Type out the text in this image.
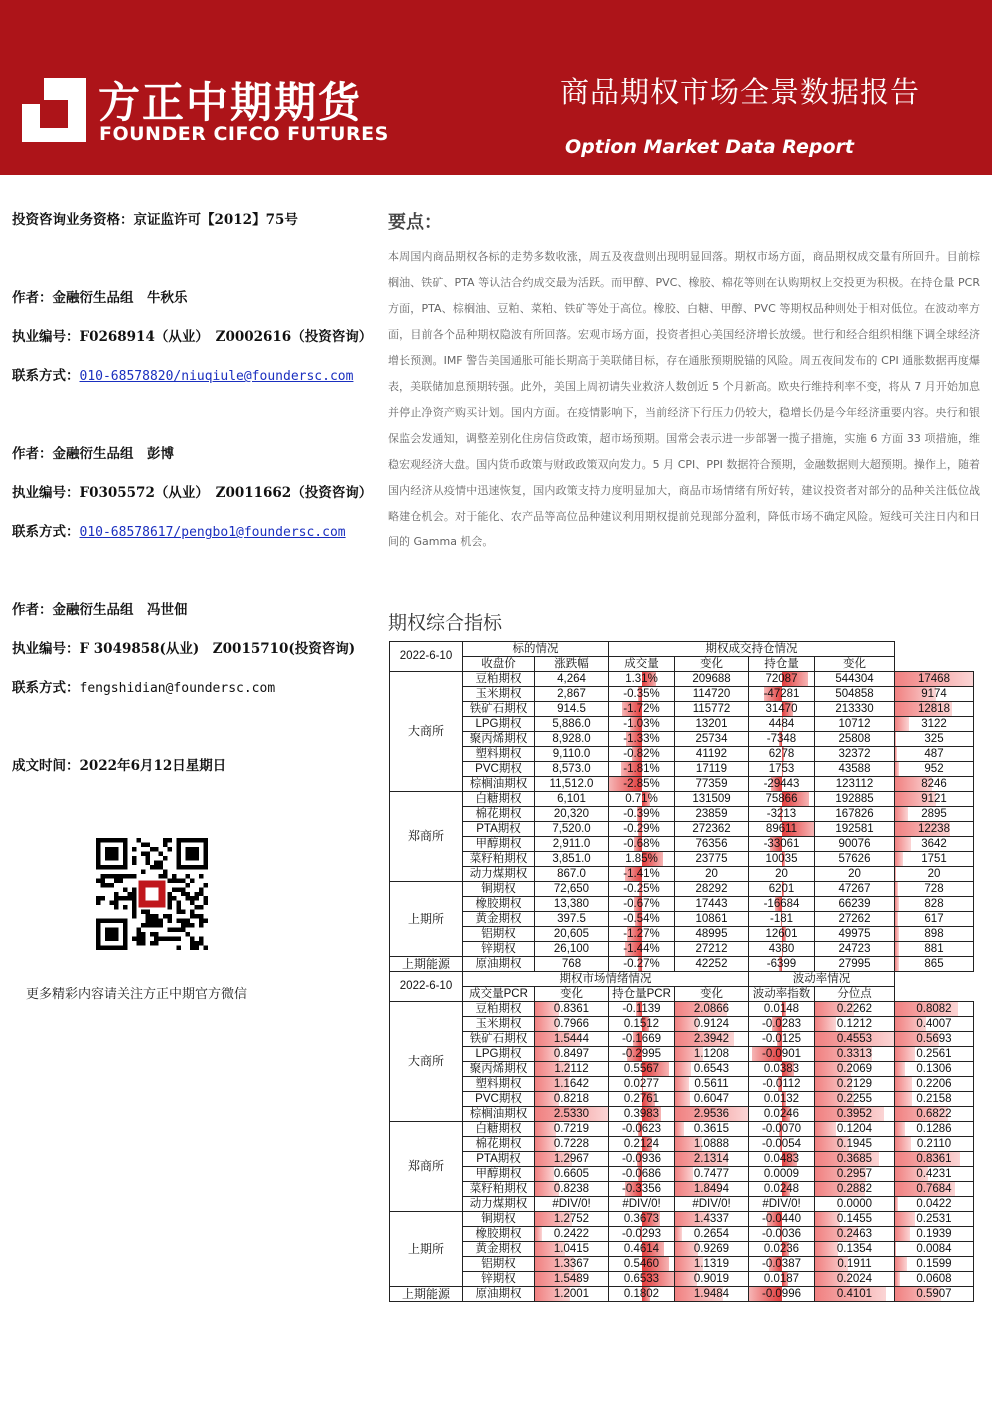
方正中期期货
FOUNDER CIFCO FUTURES
商品期权市场全景数据报告
Option Market Data Report
投资咨询业务资格：京证监许可【2012】75号
作者：金融衍生品组　牛秋乐
执业编号：F0268914（从业）　Z0002616（投资咨询）
联系方式：010-68578820/niuqiule@foundersc.com
作者：金融衍生品组　彭博
执业编号：F0305572（从业）　Z0011662（投资咨询）
联系方式：010-68578617/pengbo1@foundersc.com
作者：金融衍生品组　冯世佃
执业编号：F 3049858(从业)　Z0015710(投资咨询)
联系方式：fengshidian@foundersc.com
成文时间：2022年6月12日星期日
更多精彩内容请关注方正中期官方微信
要点：
本周国内商品期权各标的走势多数收涨，周五及夜盘则出现明显回落。期权市场方面，商品期权成交量有所回升。目前棕榈油、铁矿、PTA 等认沽合约成交最为活跃。而甲醇、PVC、橡胶、棉花等则在认购期权上交投更为积极。在持仓量 PCR 方面，PTA、棕榈油、豆粕、菜粕、铁矿等处于高位。橡胶、白糖、甲醇、PVC 等期权品种则处于相对低位。在波动率方面，目前各个品种期权隐波有所回落。宏观市场方面，投资者担心美国经济增长放缓。世行和经合组织相继下调全球经济增长预测。IMF 警告美国通胀可能长期高于美联储目标，存在通胀预期脱锚的风险。周五夜间发布的 CPI 通胀数据再度爆表，美联储加息预期转强。此外，美国上周初请失业救济人数创近 5 个月新高。欧央行维持利率不变，将从 7 月开始加息并停止净资产购买计划。国内方面。在疫情影响下，当前经济下行压力仍较大，稳增长仍是今年经济重要内容。央行和银保监会发通知，调整差别化住房信贷政策，超市场预期。国常会表示进一步部署一揽子措施，实施 6 方面 33 项措施，维稳宏观经济大盘。国内货币政策与财政政策双向发力。5 月 CPI、PPI 数据符合预期，金融数据则大超预期。操作上，随着国内经济从疫情中迅速恢复，国内政策支持力度明显加大，商品市场情绪有所好转，建议投资者对部分的品种关注低位战略建仓机会。对于能化、农产品等高位品种建议利用期权提前兑现部分盈利，降低市场不确定风险。短线可关注日内和日间的 Gamma 机会。
期权综合指标
2022-6-10	标的情况		期权成交持仓情况				
	收盘价	涨跌幅	成交量	变化	持仓量	变化	
大商所	豆粕期权	4,264	1.31%	209688	72087	544304	17468
	玉米期权	2,867	-0.35%	114720	-47281	504858	9174
	铁矿石期权	914.5	-1.72%	115772	31470	213330	12818
	LPG期权	5,886.0	-1.03%	13201	4484	10712	3122
	聚丙烯期权	8,928.0	-1.33%	25734	-7348	25808	325
	塑料期权	9,110.0	-0.82%	41192	6278	32372	487
	PVC期权	8,573.0	-1.81%	17119	1753	43588	952
	棕榈油期权	11,512.0	-2.85%	77359	-29443	123112	8246
郑商所	白糖期权	6,101	0.71%	131509	75866	192885	9121
	棉花期权	20,320	-0.39%	23859	-3213	167826	2895
	PTA期权	7,520.0	-0.29%	272362	89611	192581	12238
	甲醇期权	2,911.0	-0.68%	76356	-33061	90076	3642
	菜籽粕期权	3,851.0	1.85%	23775	10035	57626	1751
	动力煤期权	867.0	-1.41%	20	20	20	20
上期所	铜期权	72,650	-0.25%	28292	6201	47267	728
	橡胶期权	13,380	-0.67%	17443	-16684	66239	828
	黄金期权	397.5	-0.54%	10861	-181	27262	617
	铝期权	20,605	-1.27%	48995	12601	49975	898
	锌期权	26,100	-1.44%	27212	4380	24723	881
上期能源	原油期权	768	-0.27%	42252	-6399	27995	865
2022-6-10	期权市场情绪情况				波动率情况		
	成交量PCR	变化	持仓量PCR	变化	波动率指数	分位点	
大商所	豆粕期权	0.8361	-0.1139	2.0866	0.0148	0.2262	0.8082
	玉米期权	0.7966	0.1512	0.9124	-0.0283	0.1212	0.4007
	铁矿石期权	1.5444	-0.1669	2.3942	-0.0125	0.4553	0.5693
	LPG期权	0.8497	-0.2995	1.1208	-0.0901	0.3313	0.2561
	聚丙烯期权	1.2112	0.5567	0.6543	0.0383	0.2069	0.1306
	塑料期权	1.1642	0.0277	0.5611	-0.0112	0.2129	0.2206
	PVC期权	0.8218	0.2761	0.6047	0.0132	0.2255	0.2158
	棕榈油期权	2.5330	0.3983	2.9536	0.0246	0.3952	0.6822
郑商所	白糖期权	0.7219	-0.0623	0.3615	-0.0070	0.1204	0.1286
	棉花期权	0.7228	0.2124	1.0888	-0.0054	0.1945	0.2110
	PTA期权	1.2967	-0.0936	2.1314	0.0483	0.3685	0.8361
	甲醇期权	0.6605	-0.0686	0.7477	0.0009	0.2957	0.4231
	菜籽粕期权	0.8238	-0.3356	1.8494	0.0248	0.2882	0.7684
	动力煤期权	#DIV/0!	#DIV/0!	#DIV/0!	#DIV/0!	0.0000	0.0422
上期所	铜期权	1.2752	0.3673	1.4337	-0.0440	0.1455	0.2531
	橡胶期权	0.2422	-0.0293	0.2654	-0.0036	0.2463	0.1939
	黄金期权	1.0415	0.4614	0.9269	0.0236	0.1354	0.0084
	铝期权	1.3367	0.5460	1.1319	-0.0387	0.1911	0.1599
	锌期权	1.5489	0.6533	0.9019	0.0187	0.2024	0.0608
上期能源	原油期权	1.2001	0.1802	1.9484	-0.0996	0.4101	0.5907
